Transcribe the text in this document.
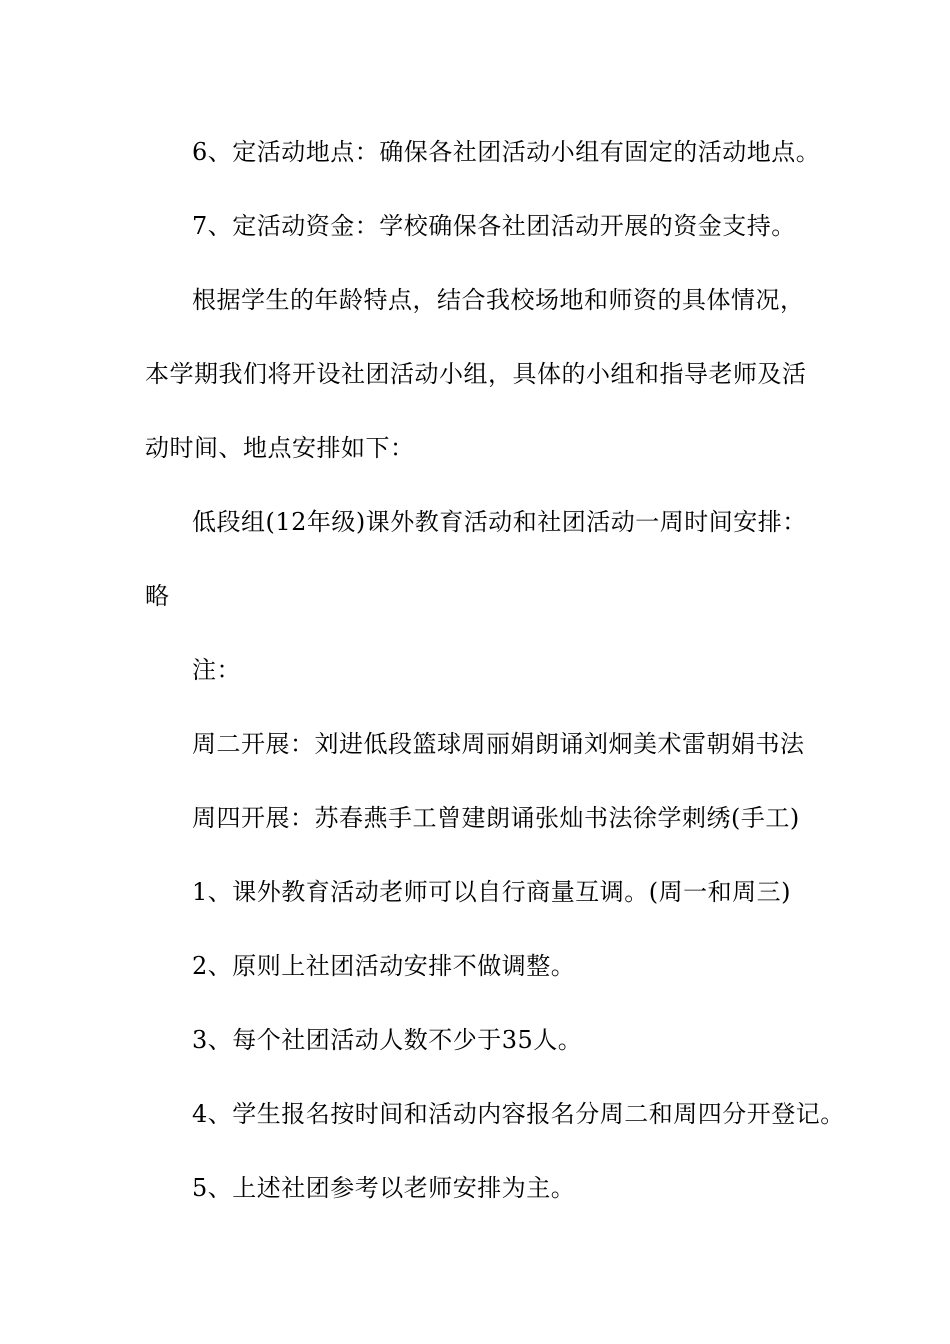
6、定活动地点：确保各社团活动小组有固定的活动地点。
7、定活动资金：学校确保各社团活动开展的资金支持。
根据学生的年龄特点，结合我校场地和师资的具体情况，
本学期我们将开设社团活动小组，具体的小组和指导老师及活
动时间、地点安排如下：
低段组(12年级)课外教育活动和社团活动一周时间安排：
略
注：
周二开展：刘进低段篮球周丽娟朗诵刘炯美术雷朝娟书法
周四开展：苏春燕手工曾建朗诵张灿书法徐学刺绣(手工)
1、课外教育活动老师可以自行商量互调。(周一和周三)
2、原则上社团活动安排不做调整。
3、每个社团活动人数不少于35人。
4、学生报名按时间和活动内容报名分周二和周四分开登记。
5、上述社团参考以老师安排为主。
